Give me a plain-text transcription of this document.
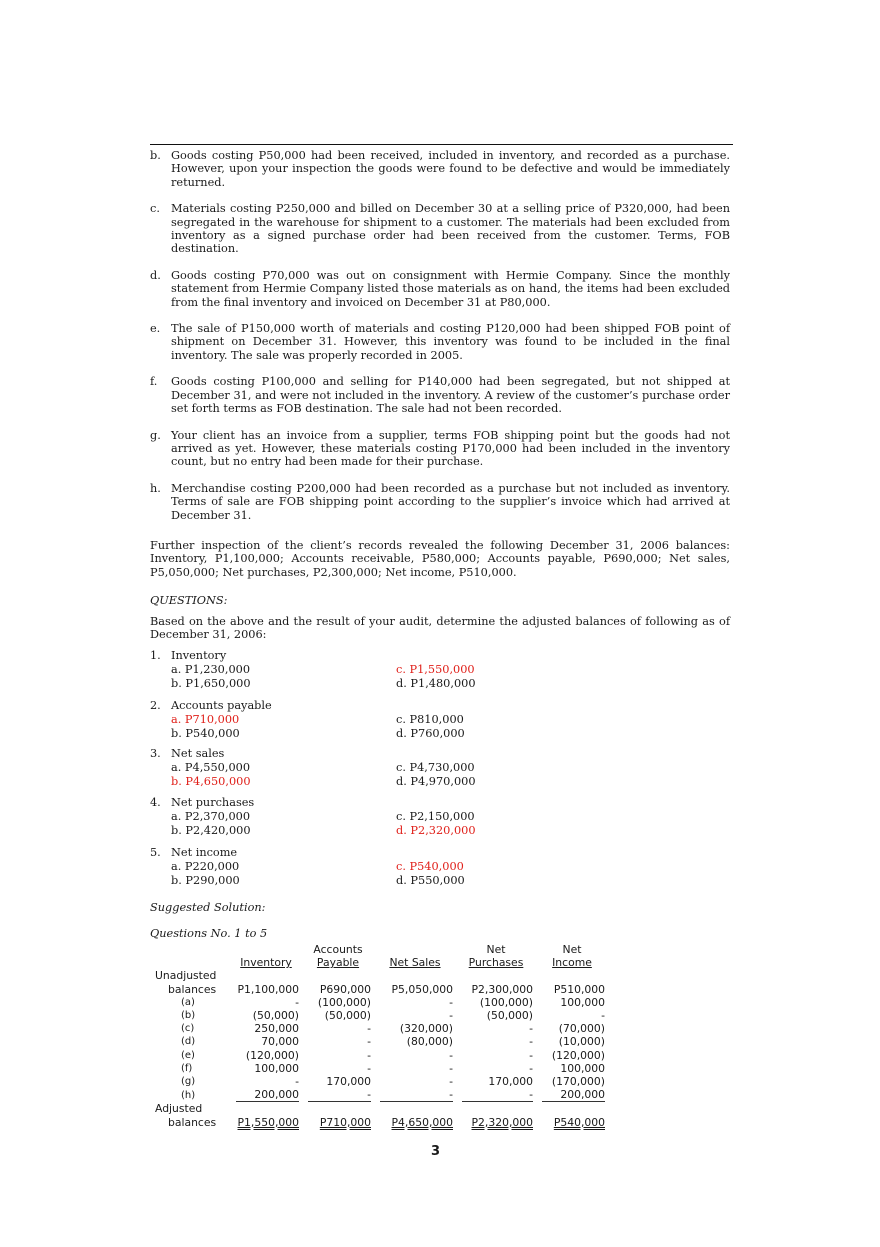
b. Goods costing P50,000 had been received, included in inventory, and recorded as a purchase. However, upon your inspection the goods were found to be defective and would be immediately returned.
c. Materials costing P250,000 and billed on December 30 at a selling price of P320,000, had been segregated in the warehouse for shipment to a customer. The materials had been excluded from inventory as a signed purchase order had been received from the customer. Terms, FOB destination.
d. Goods costing P70,000 was out on consignment with Hermie Company. Since the monthly statement from Hermie Company listed those materials as on hand, the items had been excluded from the final inventory and invoiced on December 31 at P80,000.
e. The sale of P150,000 worth of materials and costing P120,000 had been shipped FOB point of shipment on December 31. However, this inventory was found to be included in the final inventory. The sale was properly recorded in 2005.
f.	Goods costing P100,000 and selling for P140,000 had been segregated, but not shipped at December 31, and were not included in the inventory. A review of the customer’s purchase order set forth terms as FOB destination. The sale had not been recorded.
g. Your client has an invoice from a supplier, terms FOB shipping point but the goods had not arrived as yet. However, these materials costing P170,000 had been included in the inventory count, but no entry had been made for their purchase.
h. Merchandise costing P200,000 had been recorded as a purchase but not included as inventory. Terms of sale are FOB shipping point according to the supplier’s invoice which had arrived at December 31.
Further inspection of the client’s records revealed the following December 31, 2006 balances: Inventory, P1,100,000; Accounts receivable, P580,000; Accounts payable, P690,000; Net sales, P5,050,000; Net purchases, P2,300,000; Net income, P510,000.
QUESTIONS:
Based on the above and the result of your audit, determine the adjusted balances of following as of December 31, 2006:
1. Inventory
a. P1,230,000	c. P1,550,000
b. P1,650,000	d. P1,480,000
2. Accounts payable
a. P710,000	c. P810,000
b. P540,000	d. P760,000
3. Net sales
a. P4,550,000	c. P4,730,000
b. P4,650,000	d. P4,970,000
4. Net purchases
a. P2,370,000	c. P2,150,000
b. P2,420,000	d. P2,320,000
5. Net income
a. P220,000	c. P540,000
b. P290,000	d. P550,000
Suggested Solution:
Questions No. 1 to 5
		Accounts		Net	Net
	Inventory	Payable	Net Sales	Purchases	Income
Unadjusted					
balances	P1,100,000	P690,000	P5,050,000	P2,300,000	P510,000
(a)	-	(100,000)	-	(100,000)	100,000
(b)	(50,000)	(50,000)	-	(50,000)	-
(c)	250,000	-	(320,000)	-	(70,000)
(d)	70,000	-	(80,000)	-	(10,000)
(e)	(120,000)	-	-	-	(120,000)
(f)	100,000	-	-	-	100,000
(g)	-	170,000	-	170,000	(170,000)
(h)	200,000	-	-	-	200,000

Adjusted					
balances	P1,550,000	P710,000	P4,650,000	P2,320,000	P540,000
3
